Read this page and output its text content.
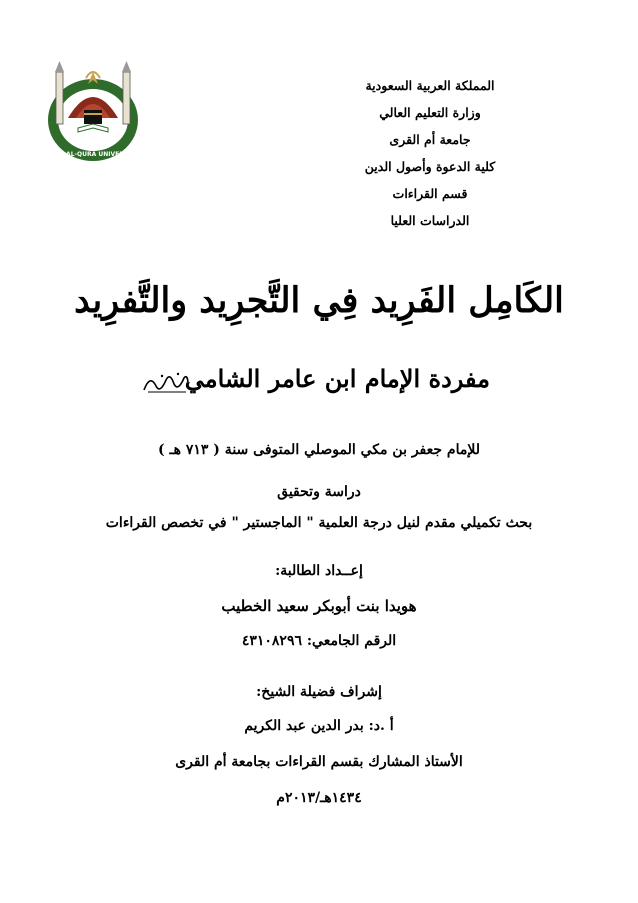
UMM AL-QURA UNIVERSITY
المملكة العربية السعودية
وزارة التعليم العالي
جامعة أم القرى
كلية الدعوة وأصول الدين
قسم القراءات
الدراسات العليا
الكَامِل الفَرِيد فِي التَّجرِيد والتَّفرِيد
مفردة الإمام ابن عامر الشامي
للإمام جعفر بن مكي الموصلي المتوفى سنة ( ٧١٣ هـ )
دراسة وتحقيق
بحث تكميلي مقدم لنيل درجة العلمية " الماجستير " في تخصص القراءات
إعــداد الطالبة:
هويدا بنت أبوبكر سعيد الخطيب
الرقم الجامعي: ٤٣١٠٨٢٩٦
إشراف فضيلة الشيخ:
أ .د: بدر الدين عبد الكريم
الأستاذ المشارك بقسم القراءات بجامعة أم القرى
١٤٣٤هـ/٢٠١٣م
